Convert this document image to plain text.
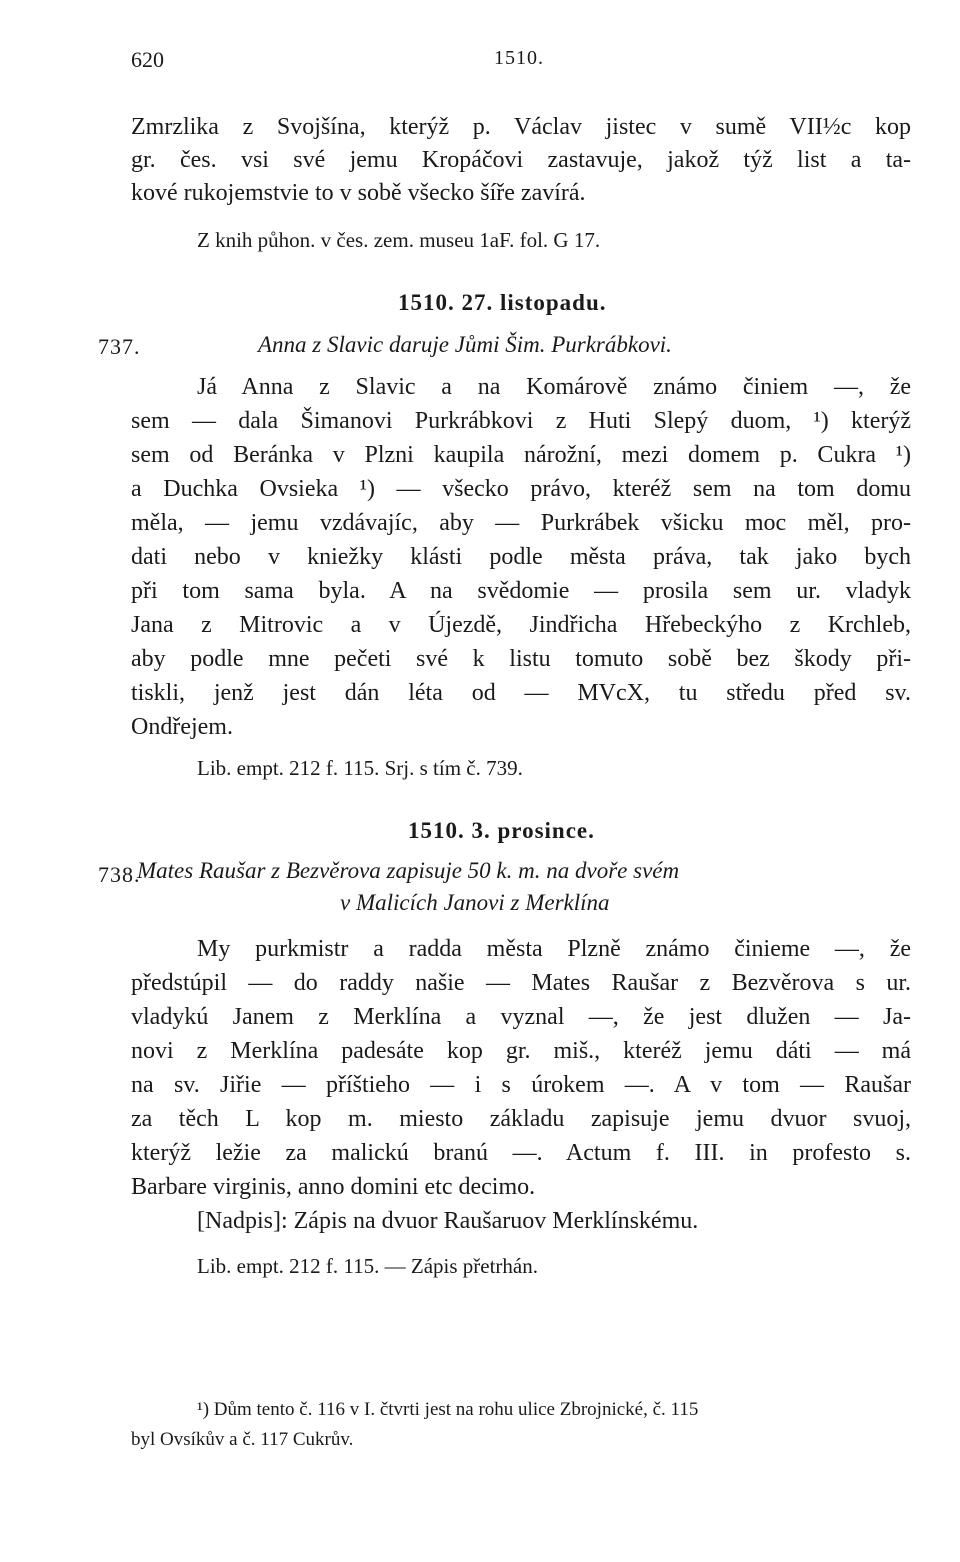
620	1510.
Zmrzlika z Svojšína, kterýž p. Václav jistec v sumě VII½c kop
gr. čes. vsi své jemu Kropáčovi zastavuje, jakož týž list a ta-
kové rukojemstvie to v sobě všecko šíře zavírá.
Z knih půhon. v čes. zem. museu 1aF. fol. G 17.
1510. 27. listopadu.
737.	Anna z Slavic daruje Jůmi Šim. Purkrábkovi.
Já Anna z Slavic a na Komárově známo činiem —, že
sem — dala Šimanovi Purkrábkovi z Huti Slepý duom, ¹) kterýž
sem od Beránka v Plzni kaupila nárožní, mezi domem p. Cukra ¹)
a Duchka Ovsieka ¹) — všecko právo, kteréž sem na tom domu
měla, — jemu vzdávajíc, aby — Purkrábek všicku moc měl, pro-
dati nebo v kniežky klásti podle města práva, tak jako bych
při tom sama byla. A na svědomie — prosila sem ur. vladyk
Jana z Mitrovic a v Újezdě, Jindřicha Hřebeckýho z Krchleb,
aby podle mne pečeti své k listu tomuto sobě bez škody při-
tiskli, jenž jest dán léta od — MVcX, tu středu před sv.
Ondřejem.
Lib. empt. 212 f. 115. Srj. s tím č. 739.
1510. 3. prosince.
738.
Mates Raušar z Bezvěrova zapisuje 50 k. m. na dvoře svém
v Malicích Janovi z Merklína
My purkmistr a radda města Plzně známo činieme —, že
předstúpil — do raddy našie — Mates Raušar z Bezvěrova s ur.
vladykú Janem z Merklína a vyznal —, že jest dlužen — Ja-
novi z Merklína padesáte kop gr. miš., kteréž jemu dáti — má
na sv. Jiřie — příštieho — i s úrokem —. A v tom — Raušar
za těch L kop m. miesto základu zapisuje jemu dvuor svuoj,
kterýž ležie za malickú branú —. Actum f. III. in profesto s.
Barbare virginis, anno domini etc decimo.
[Nadpis]: Zápis na dvuor Raušaruov Merklínskému.
Lib. empt. 212 f. 115. — Zápis přetrhán.
¹) Dům tento č. 116 v I. čtvrti jest na rohu ulice Zbrojnické, č. 115
byl Ovsíkův a č. 117 Cukrův.
